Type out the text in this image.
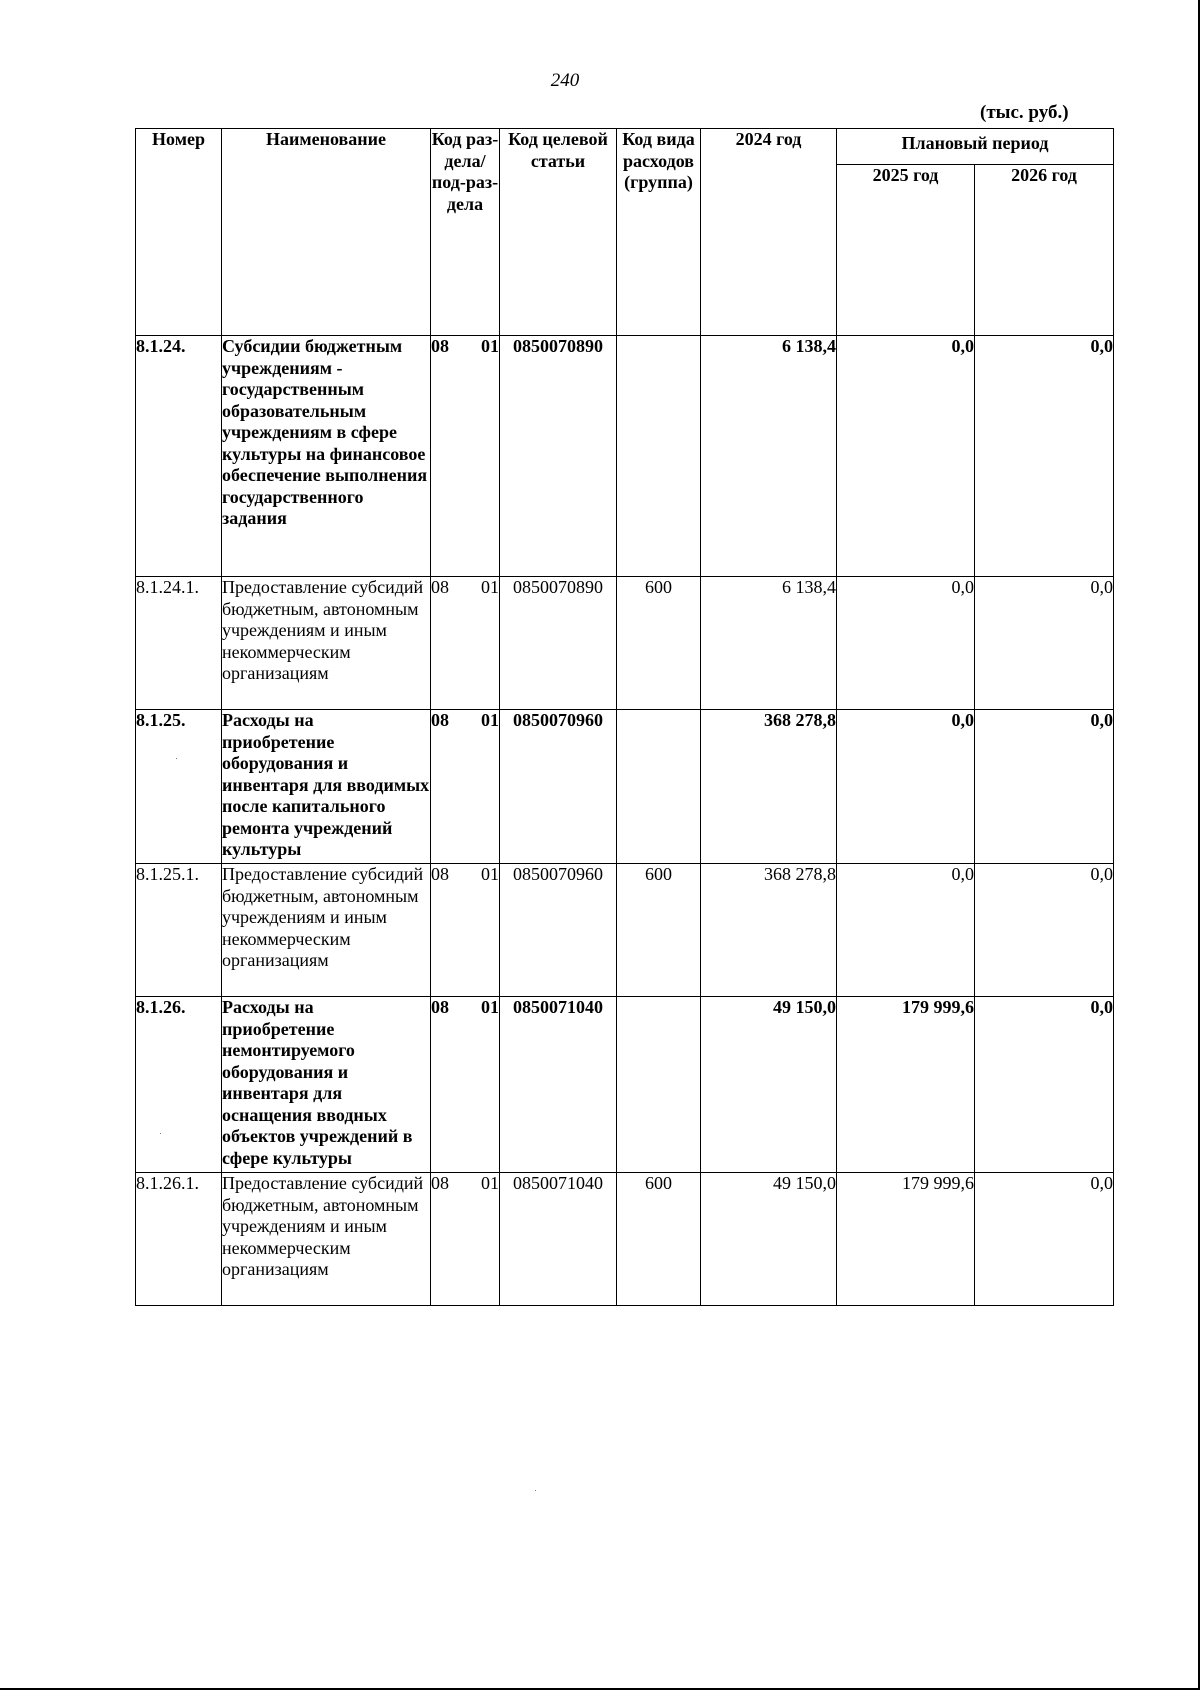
240
(тыс. руб.)
Номер	Наименование	Код раз-дела/ под-раз-дела	Код целевой статьи	Код вида расходов (группа)	2024 год	Плановый период	
						2025 год	2026 год
8.1.24.	Субсидии бюджетным учреждениям - государственным образовательным учреждениям в сфере культуры на финансовое обеспечение выполнения государственного задания	08 01	0850070890		6 138,4	0,0	0,0
8.1.24.1.	Предоставление субсидий бюджетным, автономным учреждениям и иным некоммерческим организациям	08 01	0850070890	600	6 138,4	0,0	0,0
8.1.25.	Расходы на приобретение оборудования и инвентаря для вводимых после капитального ремонта учреждений культуры	08 01	0850070960		368 278,8	0,0	0,0
8.1.25.1.	Предоставление субсидий бюджетным, автономным учреждениям и иным некоммерческим организациям	08 01	0850070960	600	368 278,8	0,0	0,0
8.1.26.	Расходы на приобретение немонтируемого оборудования и инвентаря для оснащения вводных объектов учреждений в сфере культуры	08 01	0850071040		49 150,0	179 999,6	0,0
8.1.26.1.	Предоставление субсидий бюджетным, автономным учреждениям и иным некоммерческим организациям	08 01	0850071040	600	49 150,0	179 999,6	0,0
